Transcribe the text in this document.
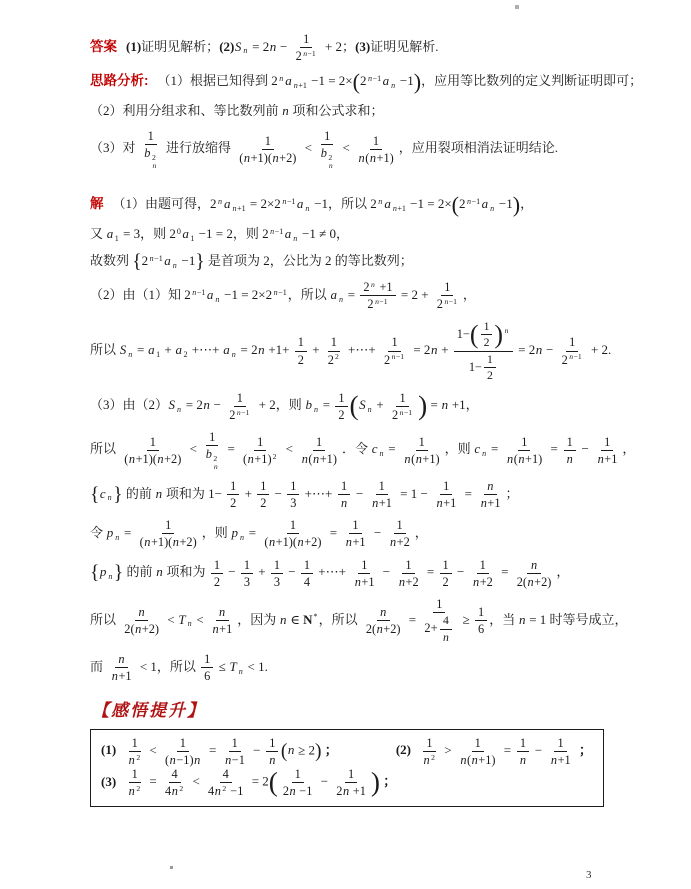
答案 (1)证明见解析；(2)S $n = 2n - \frac{1}{2 n-1} + 2$；(3)证明见解析.
思路分析: （1）根据已知得到 2 n a n+1 −1 = 2×(2 n−1 a n −1)，应用等比数列的定义判断证明即可；
（2）利用分组求和、等比数列前 n 项和公式求和；
（3）对 1
b 2
n 进行放缩得 $\frac{1}{(n+1)(n+2)} < 1$
b 2
$n < \frac{1}{n(n+1)}$ ，应用裂项相消法证明结论.
解 （1）由题可得，2 n a n+1 = 2×2 n−1 a n −1，所以 2 n a n+1 −1 = 2×(2 n−1 a n −1)，
又 a 1 = 3，则 20 a 1 −1 = 2，则 2 n−1 a n −1 ≠ 0，
故数列 {2 n−1 a n −1} 是首项为 2，公比为 2 的等比数列；
（2）由（1）知 2 n−1 a n −1 = 2×2 n−1，所以 a $n = \frac{2 n +1}{2 n-1} = 2 + \frac{1}{2 n-1}$ ，
所以 S n = a 1 + a 2 +⋯+ a $n = 2n +1+ \frac{1}{2} + \frac{1}{22}$ +⋯+ $\frac{1}{2 n-1} = 2n + \frac{1-( \frac{1}{2} ) n}{1- \frac{1}{2}} = 2n - \frac{1}{2 n-1} + 2$.
（3）由（2）S $n = 2n - \frac{1}{2 n-1} + 2$，则 b $n = \frac{1}{2} (S$ $n + \frac{1}{2 n-1}$ ) = n +1，
所以 $\frac{1}{(n+1)(n+2)} < 1$
b 2
$n = \frac{1}{(n+1)2} < \frac{1}{n(n+1)}$ ．令 c $n = \frac{1}{n(n+1)}$ ，则 c $n = \frac{1}{n(n+1)} = \frac{1}{n} - \frac{1}{n+1}$ ，
{c n} 的前 n 项和为 $1- \frac{1}{2} + \frac{1}{2} - \frac{1}{3}$ +⋯+ $\frac{1}{n} - \frac{1}{n+1} = 1 - \frac{1}{n+1} = \frac{n}{n+1}$ ；
令 p $n = \frac{1}{(n+1)(n+2)}$ ，则 p $n = \frac{1}{(n+1)(n+2)} = \frac{1}{n+1} - \frac{1}{n+2}$ ，
{p n} 的前 n 项和为 $\frac{1}{2} - \frac{1}{3} + \frac{1}{3} - \frac{1}{4}$ +⋯+ $\frac{1}{n+1} - \frac{1}{n+2} = \frac{1}{2} - \frac{1}{n+2} = \frac{n}{2(n+2)}$ ，
所以 $\frac{n}{2(n+2)} < T$ $n < \frac{n}{n+1}$ ，因为 n ∈ N*，所以 $\frac{n}{2(n+2)} = \frac{1}{2+ \frac{4}{n}} \ge \frac{1}{6}$ ，当 n = 1 时等号成立，
而 $\frac{n}{n+1} < 1$，所以 $\frac{1}{6} \le T$ n < 1.
【感悟提升】
$(1) \frac{1}{n 2} < \frac{1}{(n-1)n} = \frac{1}{n-1} - \frac{1}{n} (n \ge 2)$ ；	$(2) \frac{1}{n 2} > \frac{1}{n(n+1)} = \frac{1}{n} - \frac{1}{n+1}$ ；
$(3) \frac{1}{n 2} = \frac{4}{4n 2} < \frac{4}{4n 2 -1} = 2( \frac{1}{2n -1} - \frac{1}{2n +1}$ ) ；
3
